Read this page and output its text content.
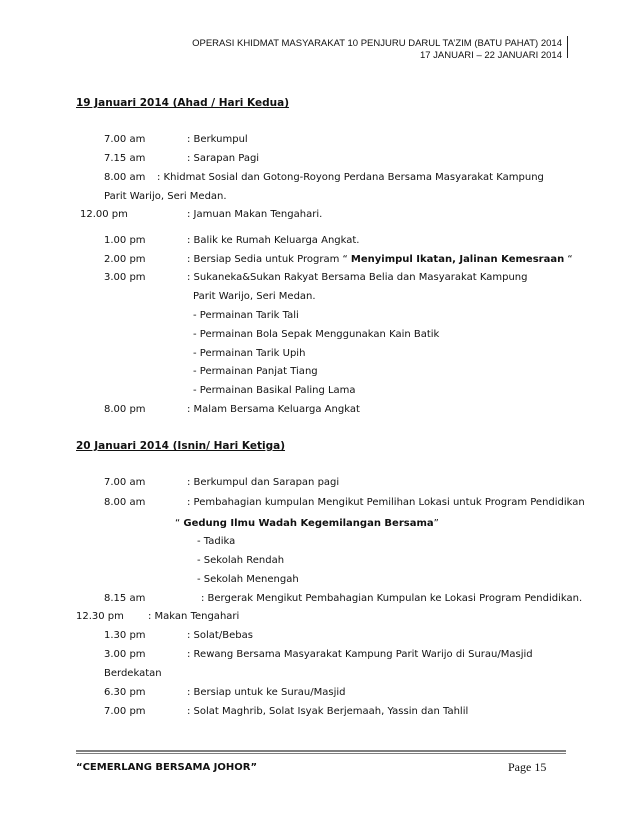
OPERASI KHIDMAT MASYARAKAT 10 PENJURU DARUL TA’ZIM (BATU PAHAT) 2014
17 JANUARI – 22 JANUARI 2014
19 Januari 2014 (Ahad / Hari Kedua)
7.00 am	: Berkumpul
7.15 am	: Sarapan Pagi
8.00 am : Khidmat Sosial dan Gotong-Royong Perdana Bersama Masyarakat Kampung
Parit Warijo, Seri Medan.
12.00 pm	: Jamuan Makan Tengahari.
1.00 pm	: Balik ke Rumah Keluarga Angkat.
2.00 pm	: Bersiap Sedia untuk Program “ Menyimpul Ikatan, Jalinan Kemesraan “
3.00 pm	: Sukaneka&Sukan Rakyat Bersama Belia dan Masyarakat Kampung
Parit Warijo, Seri Medan.
- Permainan Tarik Tali
- Permainan Bola Sepak Menggunakan Kain Batik
- Permainan Tarik Upih
- Permainan Panjat Tiang
- Permainan Basikal Paling Lama
8.00 pm	: Malam Bersama Keluarga Angkat
20 Januari 2014 (Isnin/ Hari Ketiga)
7.00 am	: Berkumpul dan Sarapan pagi
8.00 am	: Pembahagian kumpulan Mengikut Pemilihan Lokasi untuk Program Pendidikan
“ Gedung Ilmu Wadah Kegemilangan Bersama”
- Tadika
- Sekolah Rendah
- Sekolah Menengah
8.15 am	: Bergerak Mengikut Pembahagian Kumpulan ke Lokasi Program Pendidikan.
12.30 pm : Makan Tengahari
1.30 pm	: Solat/Bebas
3.00 pm	: Rewang Bersama Masyarakat Kampung Parit Warijo di Surau/Masjid
Berdekatan
6.30 pm	: Bersiap untuk ke Surau/Masjid
7.00 pm	: Solat Maghrib, Solat Isyak Berjemaah, Yassin dan Tahlil
“CEMERLANG BERSAMA JOHOR”	Page 15
